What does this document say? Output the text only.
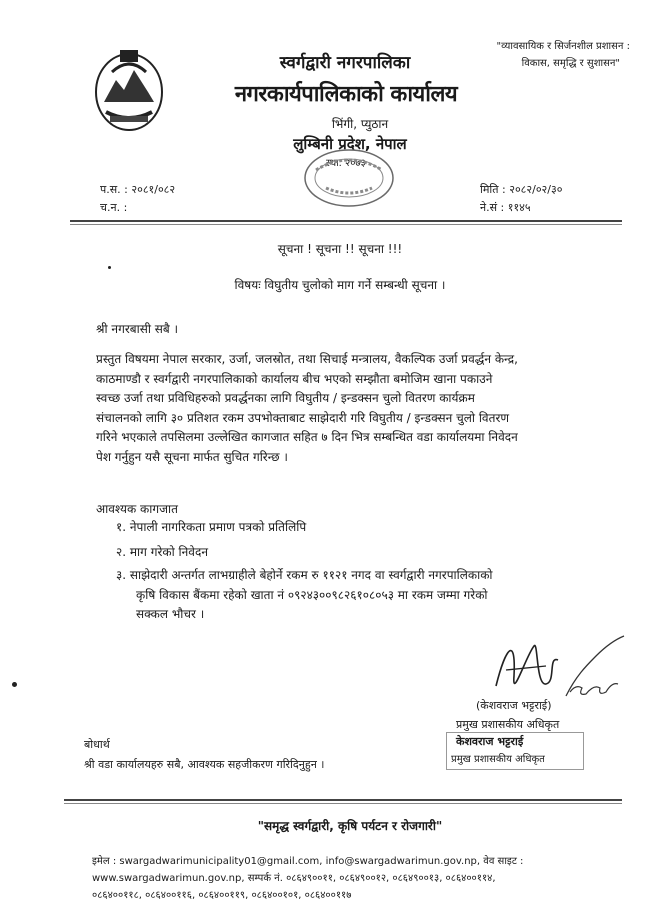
स्वर्गद्वारी नगरपालिका
नगरकार्यपालिकाको कार्यालय
भिंगी, प्युठान
लुम्बिनी प्रदेश, नेपाल
स्था. २०७३
"व्यावसायिक र सिर्जनशील प्रशासन :
विकास, समृद्धि र सुशासन"
प.स. : २०८१/०८२
च.न. :
मिति : २०८२/०२/३०
ने.सं : ११४५
सूचना ! सूचना !! सूचना !!!
विषयः विघुतीय चुलोको माग गर्ने सम्बन्धी सूचना ।
श्री नगरबासी सबै ।
प्रस्तुत विषयमा नेपाल सरकार, उर्जा, जलस्रोत, तथा सिचाई मन्त्रालय, वैकल्पिक उर्जा प्रवर्द्धन केन्द्र,
काठमाण्डौ र स्वर्गद्वारी नगरपालिकाको कार्यालय बीच भएको सम्झौता बमोजिम खाना पकाउने
स्वच्छ उर्जा तथा प्रविधिहरुको प्रवर्द्धनका लागि विघुतीय / इन्डक्सन चुलो वितरण कार्यक्रम
संचालनको लागि ३० प्रतिशत रकम उपभोक्ताबाट साझेदारी गरि विघुतीय / इन्डक्सन चुलो वितरण
गरिने भएकाले तपसिलमा उल्लेखित कागजात सहित ७ दिन भित्र सम्बन्धित वडा कार्यालयमा निवेदन
पेश गर्नुहुन यसै सूचना मार्फत सुचित गरिन्छ ।
आवश्यक कागजात
१. नेपाली नागरिकता प्रमाण पत्रको प्रतिलिपि
२. माग गरेको निवेदन
३. साझेदारी अन्तर्गत लाभग्राहीले बेहोर्ने रकम रु ११२१ नगद वा स्वर्गद्वारी नगरपालिकाको
कृषि विकास बैंकमा रहेको खाता नं ०९२४३००९८२६१०८०५३ मा रकम जम्मा गरेको
सक्कल भौचर ।
(केशवराज भट्टराई)
प्रमुख प्रशासकीय अधिकृत
केशवराज भट्टराई
प्रमुख प्रशासकीय अधिकृत
बोधार्थ
श्री वडा कार्यालयहरु सबै, आवश्यक सहजीकरण गरिदिनुहुन ।
"समृद्ध स्वर्गद्वारी, कृषि पर्यटन र रोजगारी"
इमेल : swargadwarimunicipality01@gmail.com, info@swargadwarimun.gov.np, वेव साइट :
www.swargadwarimun.gov.np, सम्पर्क नं. ०८६४९००११, ०८६४९००१२, ०८६४९००१३, ०८६४००११४,
०८६४००११८, ०८६४००११६, ०८६४००११९, ०८६४००१०१, ०८६४००११७
